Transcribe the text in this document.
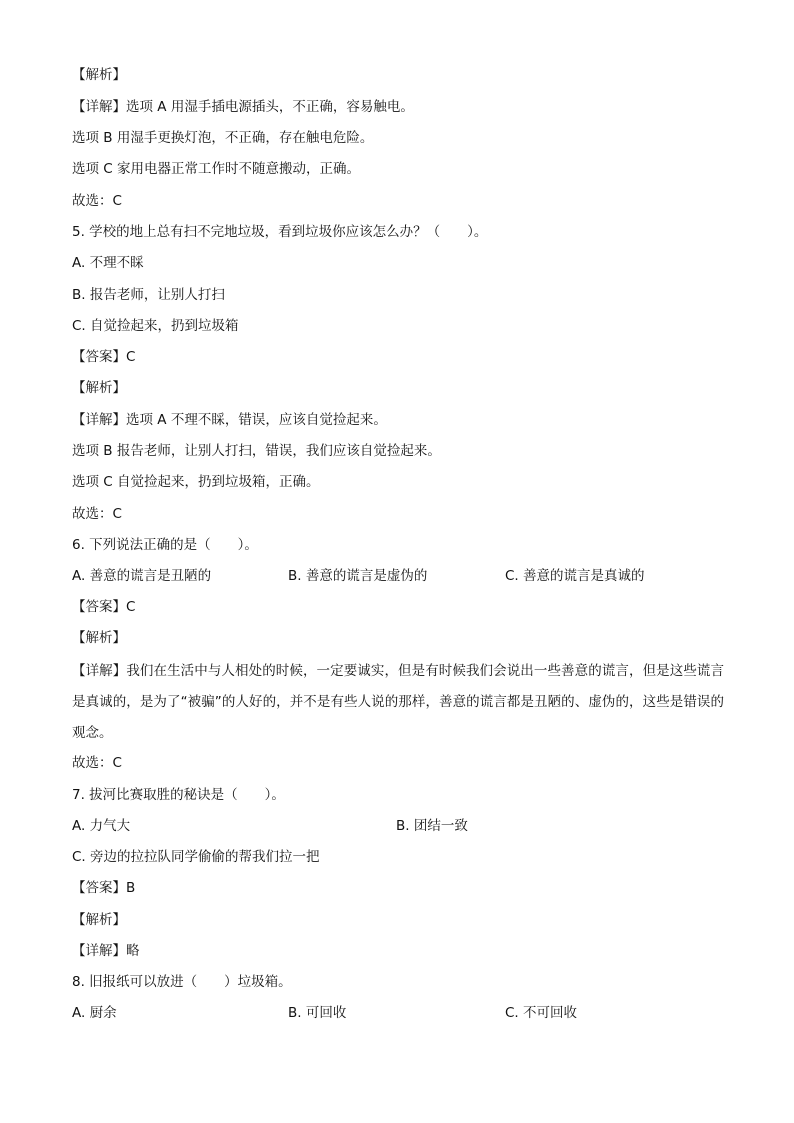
【解析】
【详解】选项 A 用湿手插电源插头，不正确，容易触电。
选项 B 用湿手更换灯泡，不正确，存在触电危险。
选项 C 家用电器正常工作时不随意搬动，正确。
故选：C
5. 学校的地上总有扫不完地垃圾，看到垃圾你应该怎么办？（　　）。
A. 不理不睬
B. 报告老师，让别人打扫
C. 自觉捡起来，扔到垃圾箱
【答案】C
【解析】
【详解】选项 A 不理不睬，错误，应该自觉捡起来。
选项 B 报告老师，让别人打扫，错误，我们应该自觉捡起来。
选项 C 自觉捡起来，扔到垃圾箱，正确。
故选：C
6. 下列说法正确的是（　　）。
A. 善意的谎言是丑陋的	B. 善意的谎言是虚伪的	C. 善意的谎言是真诚的
【答案】C
【解析】
【详解】我们在生活中与人相处的时候，一定要诚实，但是有时候我们会说出一些善意的谎言，但是这些谎言是真诚的，是为了“被骗”的人好的，并不是有些人说的那样，善意的谎言都是丑陋的、虚伪的，这些是错误的观念。
故选：C
7. 拔河比赛取胜的秘诀是（　　）。
A. 力气大	B. 团结一致
C. 旁边的拉拉队同学偷偷的帮我们拉一把
【答案】B
【解析】
【详解】略
8. 旧报纸可以放进（　　）垃圾箱。
A. 厨余	B. 可回收	C. 不可回收
